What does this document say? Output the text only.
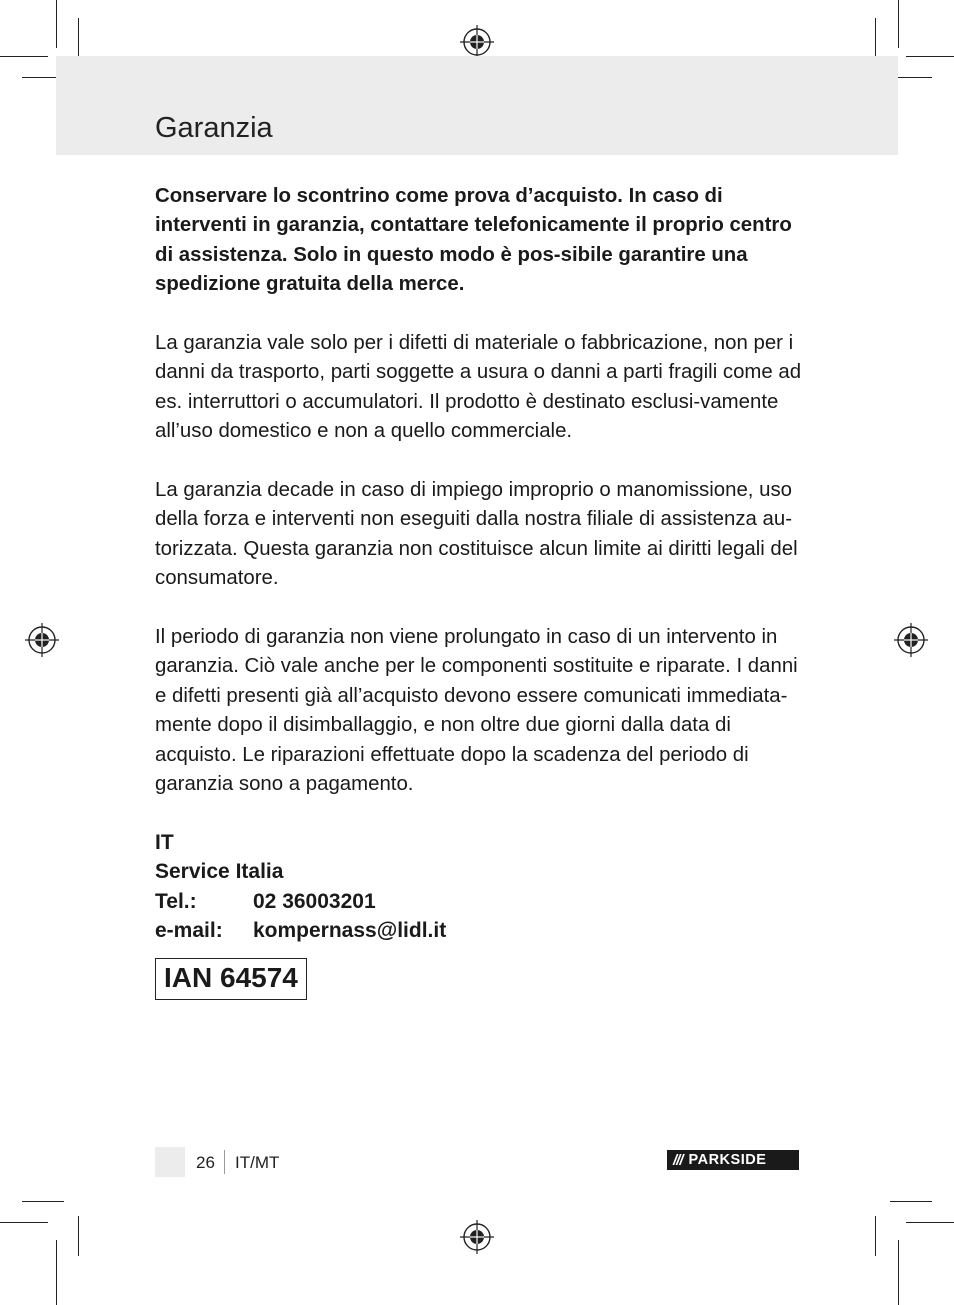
Garanzia

Conservare lo scontrino come prova d’acquisto. In caso di interventi in garanzia, contattare telefonicamente il proprio centro di assistenza. Solo in questo modo è pos-sibile garantire una spedizione gratuita della merce.

La garanzia vale solo per i difetti di materiale o fabbricazione, non per i danni da trasporto, parti soggette a usura o danni a parti fragili come ad es. interruttori o accumulatori. Il prodotto è destinato esclusi-vamente all’uso domestico e non a quello commerciale.

La garanzia decade in caso di impiego improprio o manomissione, uso della forza e interventi non eseguiti dalla nostra filiale di assistenza au-torizzata. Questa garanzia non costituisce alcun limite ai diritti legali del consumatore.

Il periodo di garanzia non viene prolungato in caso di un intervento in garanzia. Ciò vale anche per le componenti sostituite e riparate. I danni e difetti presenti già all’acquisto devono essere comunicati immediata-mente dopo il disimballaggio, e non oltre due giorni dalla data di acquisto. Le riparazioni effettuate dopo la scadenza del periodo di garanzia sono a pagamento.

IT
Service Italia
Tel.:	02 36003201
e-mail:	kompernass@lidl.it
IAN 64574
26 IT/MT	/// PARKSIDE
